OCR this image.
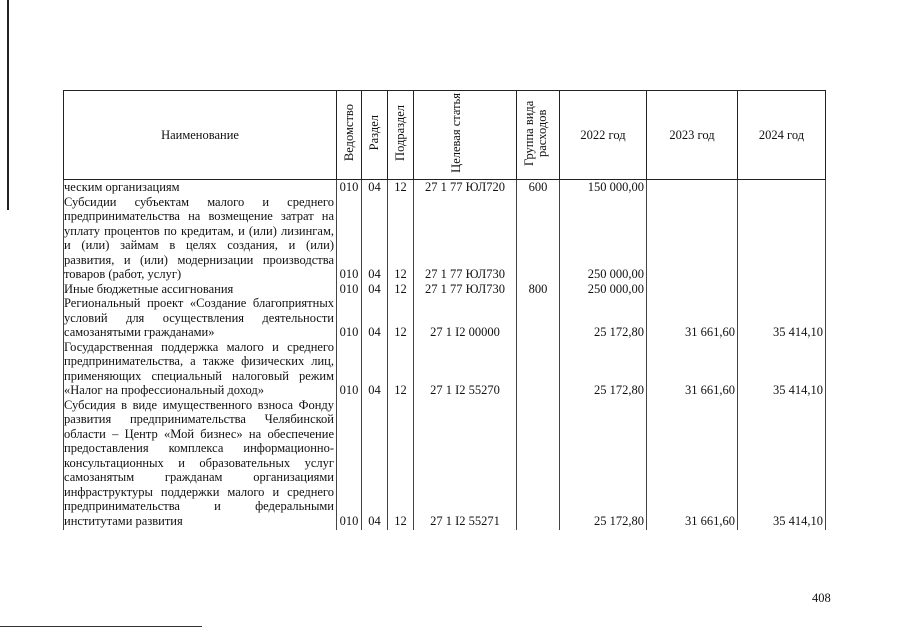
Наименование	Ведомство	Раздел	Подраздел	Целевая статья	Группа вида расходов	2022 год	2023 год	2024 год
ческим организациям	010	04	12	27 1 77 ЮЛ720	600	150 000,00		
Субсидии субъектам малого и среднего предпринимательства на возмещение затрат на уплату процентов по кредитам, и (или) лизингам, и (или) займам в целях создания, и (или) развития, и (или) модернизации производства товаров (работ, услуг)	010	04	12	27 1 77 ЮЛ730		250 000,00		
Иные бюджетные ассигнования	010	04	12	27 1 77 ЮЛ730	800	250 000,00		
Региональный проект «Создание благоприятных условий для осуществления деятельности самозанятыми гражданами»	010	04	12	27 1 I2 00000		25 172,80	31 661,60	35 414,10
Государственная поддержка малого и среднего предпринимательства, а также физических лиц, применяющих специальный налоговый режим «Налог на профессиональный доход»	010	04	12	27 1 I2 55270		25 172,80	31 661,60	35 414,10
Субсидия в виде имущественного взноса Фонду развития предпринимательства Челябинской области – Центр «Мой бизнес» на обеспечение предоставления комплекса информационно-консультационных и образовательных услуг самозанятым гражданам организациями инфраструктуры поддержки малого и среднего предпринимательства и федеральными институтами развития	010	04	12	27 1 I2 55271		25 172,80	31 661,60	35 414,10

408
